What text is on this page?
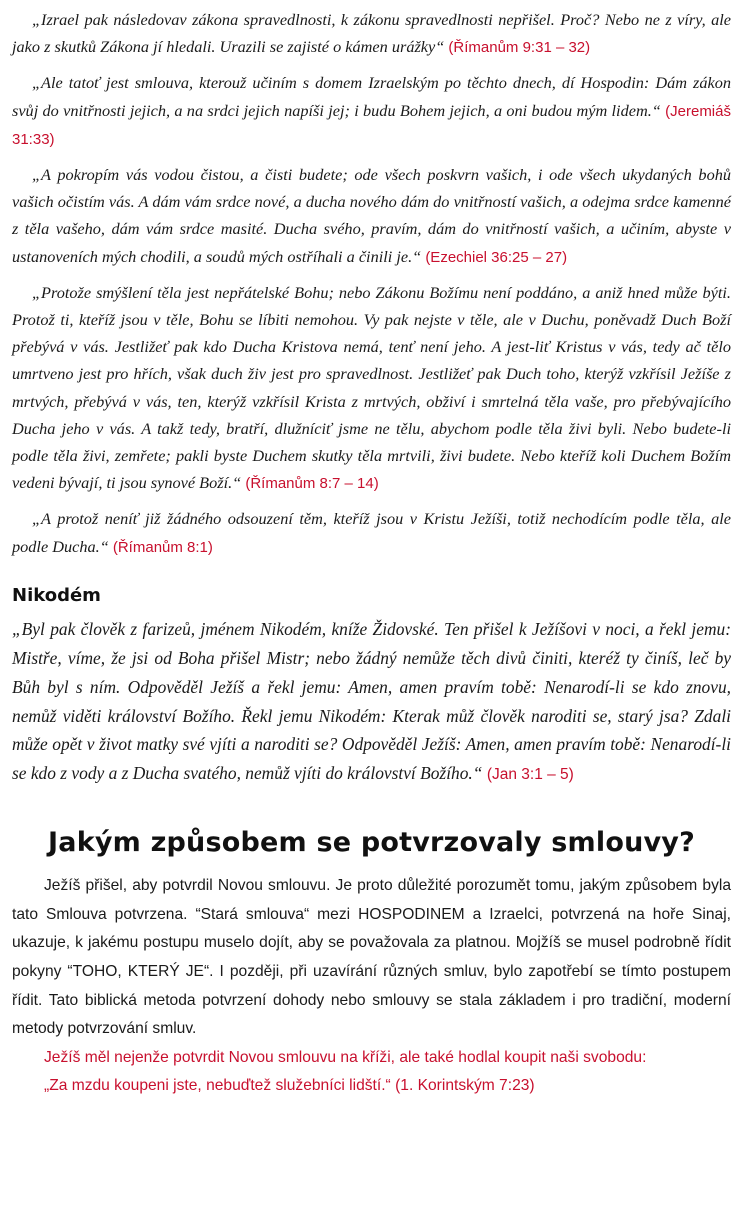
„Izrael pak následovav zákona spravedlnosti, k zákonu spravedlnosti nepřišel. Proč? Nebo ne z víry, ale jako z skutků Zákona jí hledali. Urazili se zajisté o kámen urážky“ (Římanům 9:31 – 32)

„Ale tatoť jest smlouva, kterouž učiním s domem Izraelským po těchto dnech, dí Hospodin: Dám zákon svůj do vnitřnosti jejich, a na srdci jejich napíši jej; i budu Bohem jejich, a oni budou mým lidem.“ (Jeremiáš 31:33)

„A pokropím vás vodou čistou, a čisti budete; ode všech poskvrn vašich, i ode všech ukydaných bohů vašich očistím vás. A dám vám srdce nové, a ducha nového dám do vnitřností vašich, a odejma srdce kamenné z těla vašeho, dám vám srdce masité. Ducha svého, pravím, dám do vnitřností vašich, a učiním, abyste v ustanoveních mých chodili, a soudů mých ostříhali a činili je.“ (Ezechiel 36:25 – 27)

„Protože smýšlení těla jest nepřátelské Bohu; nebo Zákonu Božímu není poddáno, a aniž hned může býti. Protož ti, kteříž jsou v těle, Bohu se líbiti nemohou. Vy pak nejste v těle, ale v Duchu, poněvadž Duch Boží přebývá v vás. Jestližeť pak kdo Ducha Kristova nemá, tenť není jeho. A jest-liť Kristus v vás, tedy ač tělo umrtveno jest pro hřích, však duch živ jest pro spravedlnost. Jestližeť pak Duch toho, kterýž vzkřísil Ježíše z mrtvých, přebývá v vás, ten, kterýž vzkřísil Krista z mrtvých, obživí i smrtelná těla vaše, pro přebývajícího Ducha jeho v vás. A takž tedy, bratří, dlužníciť jsme ne tělu, abychom podle těla živi byli. Nebo budete-li podle těla živi, zemřete; pakli byste Duchem skutky těla mrtvili, živi budete. Nebo kteříž koli Duchem Božím vedeni bývají, ti jsou synové Boží.“ (Římanům 8:7 – 14)

„A protož neníť již žádného odsouzení těm, kteříž jsou v Kristu Ježíši, totiž nechodícím podle těla, ale podle Ducha.“ (Římanům 8:1)

Nikodém

„Byl pak člověk z farizeů, jménem Nikodém, kníže Židovské. Ten přišel k Ježíšovi v noci, a řekl jemu: Mistře, víme, že jsi od Boha přišel Mistr; nebo žádný nemůže těch divů činiti, kteréž ty činíš, leč by Bůh byl s ním. Odpověděl Ježíš a řekl jemu: Amen, amen pravím tobě: Nenarodí-li se kdo znovu, nemůž viděti království Božího. Řekl jemu Nikodém: Kterak můž člověk naroditi se, starý jsa? Zdali může opět v život matky své vjíti a naroditi se? Odpověděl Ježíš: Amen, amen pravím tobě: Nenarodí-li se kdo z vody a z Ducha svatého, nemůž vjíti do království Božího.“ (Jan 3:1 – 5)

Jakým způsobem se potvrzovaly smlouvy?

Ježíš přišel, aby potvrdil Novou smlouvu. Je proto důležité porozumět tomu, jakým způsobem byla tato Smlouva potvrzena. “Stará smlouva“ mezi HOSPODINEM a Izraelci, potvrzená na hoře Sinaj, ukazuje, k jakému postupu muselo dojít, aby se považovala za platnou. Mojžíš se musel podrobně řídit pokyny “TOHO, KTERÝ JE“. I později, při uzavírání různých smluv, bylo zapotřebí se tímto postupem řídit. Tato biblická metoda potvrzení dohody nebo smlouvy se stala základem i pro tradiční, moderní metody potvrzování smluv.

Ježíš měl nejenže potvrdit Novou smlouvu na kříži, ale také hodlal koupit naši svobodu:

„Za mzdu koupeni jste, nebuďtež služebníci lidští.“ (1. Korintským 7:23)
